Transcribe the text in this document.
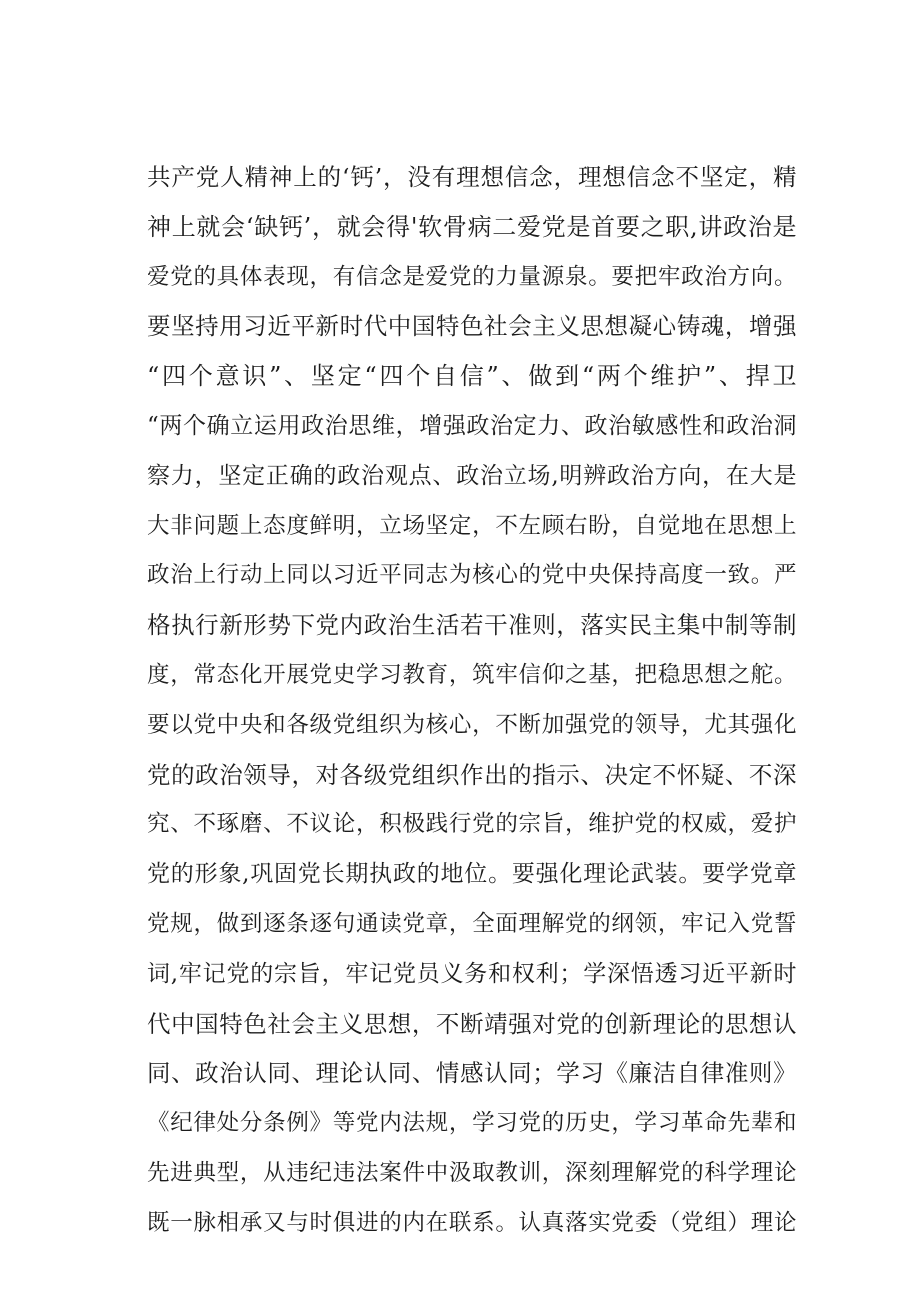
共产党人精神上的‘钙’，没有理想信念，理想信念不坚定，精
神上就会‘缺钙’，就会得'软骨病二爱党是首要之职,讲政治是
爱党的具体表现，有信念是爱党的力量源泉。要把牢政治方向。
要坚持用习近平新时代中国特色社会主义思想凝心铸魂，增强
“四个意识”、坚定“四个自信”、做到“两个维护”、捍卫
“两个确立运用政治思维，增强政治定力、政治敏感性和政治洞
察力，坚定正确的政治观点、政治立场,明辨政治方向，在大是
大非问题上态度鲜明，立场坚定，不左顾右盼，自觉地在思想上
政治上行动上同以习近平同志为核心的党中央保持高度一致。严
格执行新形势下党内政治生活若干准则，落实民主集中制等制
度，常态化开展党史学习教育，筑牢信仰之基，把稳思想之舵。
要以党中央和各级党组织为核心，不断加强党的领导，尤其强化
党的政治领导，对各级党组织作出的指示、决定不怀疑、不深
究、不琢磨、不议论，积极践行党的宗旨，维护党的权威，爱护
党的形象,巩固党长期执政的地位。要强化理论武装。要学党章
党规，做到逐条逐句通读党章，全面理解党的纲领，牢记入党誓
词,牢记党的宗旨，牢记党员义务和权利；学深悟透习近平新时
代中国特色社会主义思想，不断靖强对党的创新理论的思想认
同、政治认同、理论认同、情感认同；学习《廉洁自律准则》
《纪律处分条例》等党内法规，学习党的历史，学习革命先辈和
先进典型，从违纪违法案件中汲取教训，深刻理解党的科学理论
既一脉相承又与时俱进的内在联系。认真落实党委（党组）理论
